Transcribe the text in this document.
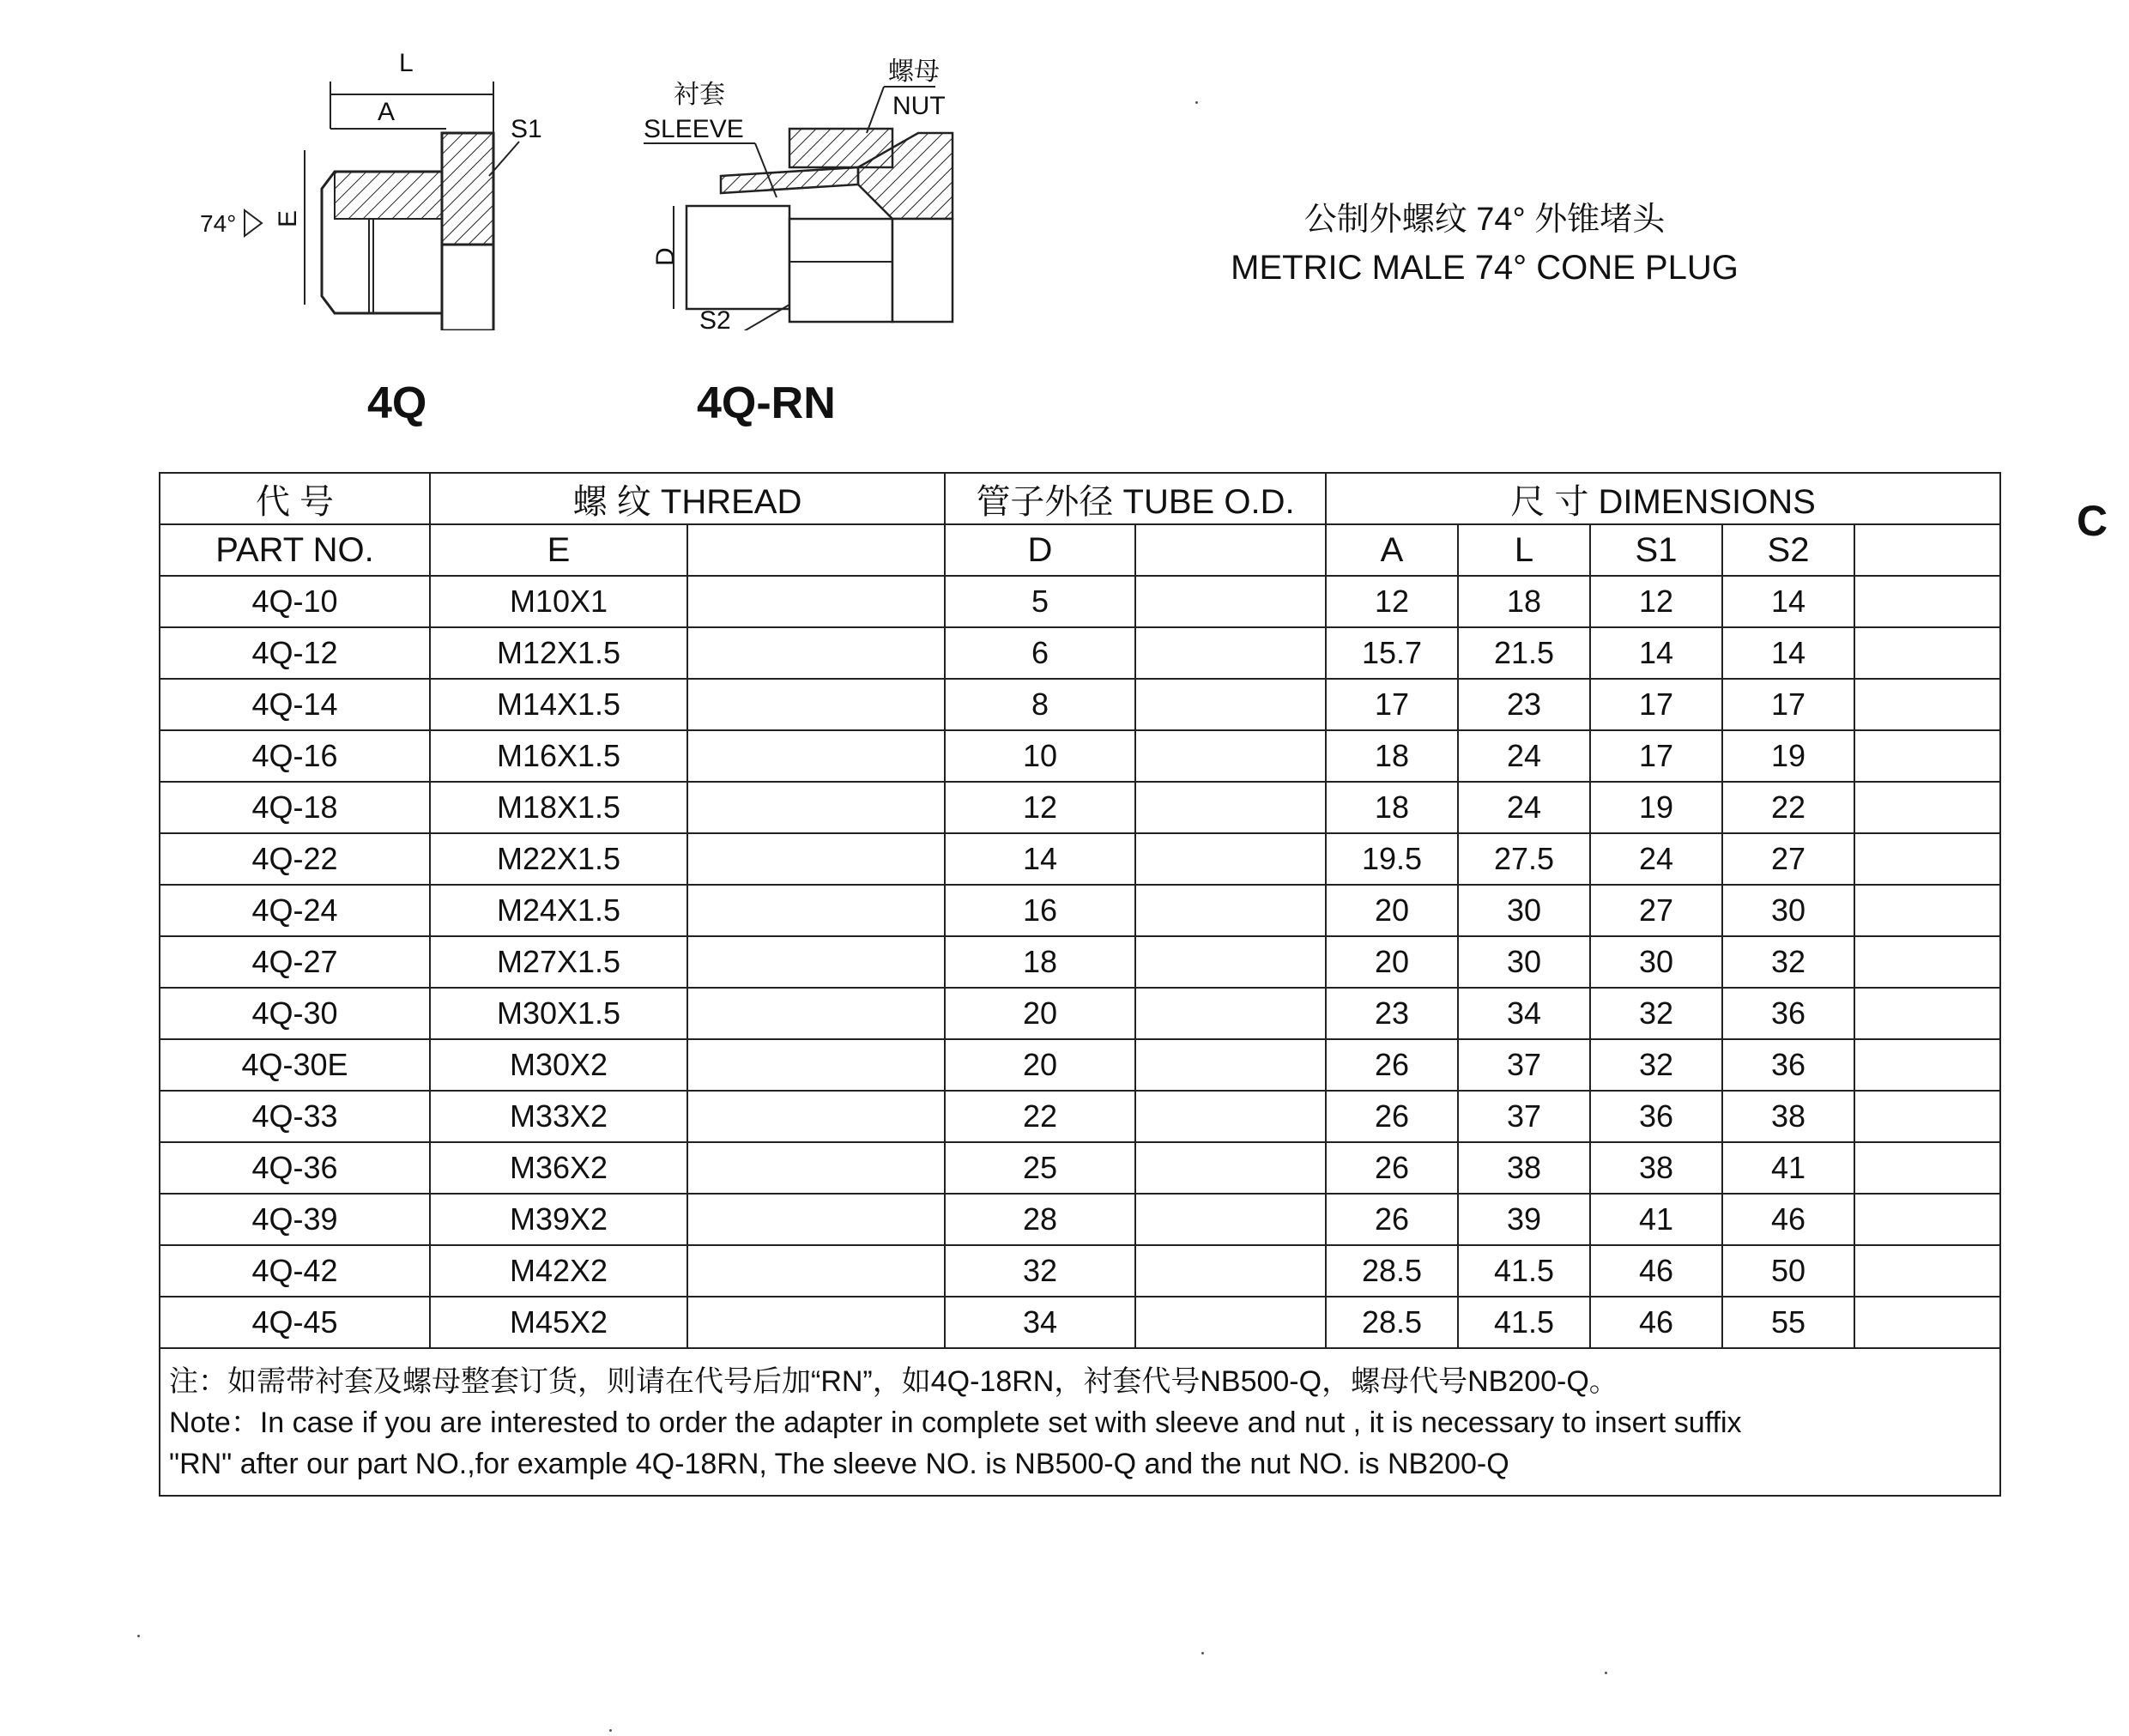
L
A
S1
E
74°
衬套
SLEEVE
螺母
NUT
D
S2
4Q	4Q-RN
公制外螺纹 74° 外锥堵头
METRIC MALE 74° CONE PLUG
C
代 号	螺 纹 THREAD		管子外径 TUBE O.D.		尺 寸 DIMENSIONS				
PART NO.	E		D		A	L	S1	S2	
4Q-10	M10X1		5		12	18	12	14	
4Q-12	M12X1.5		6		15.7	21.5	14	14	
4Q-14	M14X1.5		8		17	23	17	17	
4Q-16	M16X1.5		10		18	24	17	19	
4Q-18	M18X1.5		12		18	24	19	22	
4Q-22	M22X1.5		14		19.5	27.5	24	27	
4Q-24	M24X1.5		16		20	30	27	30	
4Q-27	M27X1.5		18		20	30	30	32	
4Q-30	M30X1.5		20		23	34	32	36	
4Q-30E	M30X2		20		26	37	32	36	
4Q-33	M33X2		22		26	37	36	38	
4Q-36	M36X2		25		26	38	38	41	
4Q-39	M39X2		28		26	39	41	46	
4Q-42	M42X2		32		28.5	41.5	46	50	
4Q-45	M45X2		34		28.5	41.5	46	55	

注：如需带衬套及螺母整套订货，则请在代号后加“RN”，如4Q-18RN，衬套代号NB500-Q，螺母代号NB200-Q。
Note：In case if you are interested to order the adapter in complete set with sleeve and nut , it is necessary to insert suffix
"RN" after our part NO.,for example 4Q-18RN, The sleeve NO. is NB500-Q and the nut NO. is NB200-Q									
